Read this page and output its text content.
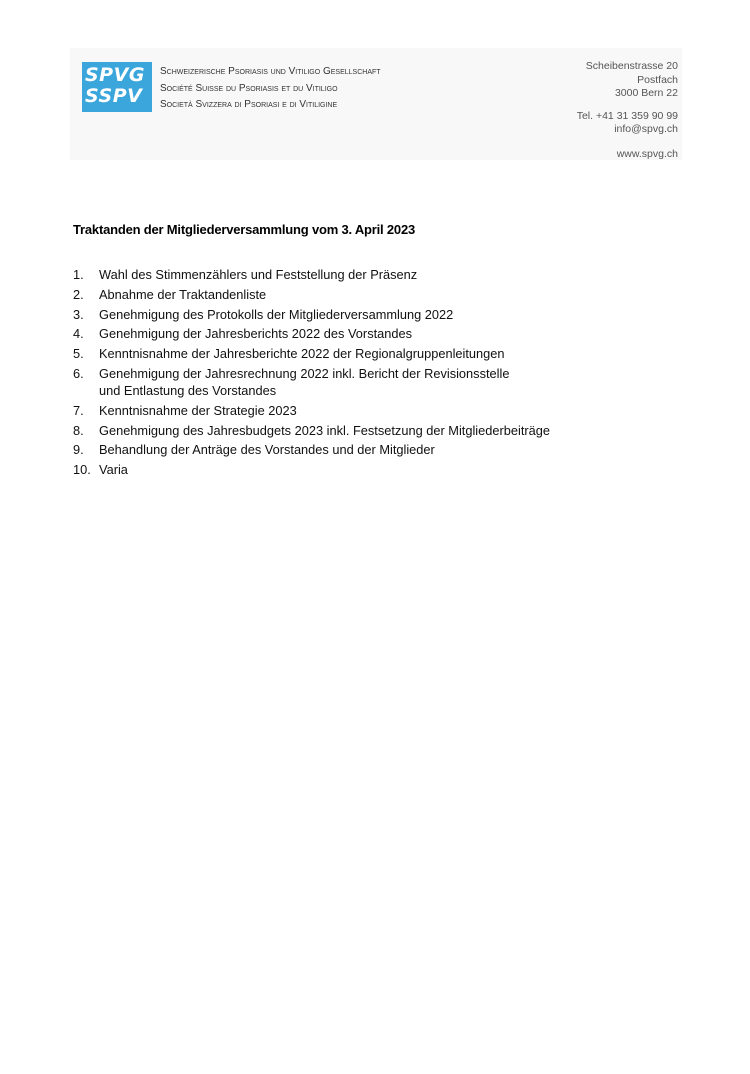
SPVG
SSPV
Schweizerische Psoriasis und Vitiligo Gesellschaft
Société Suisse du Psoriasis et du Vitiligo
Società Svizzera di Psoriasi e di Vitiligine
Scheibenstrasse 20
Postfach
3000 Bern 22
Tel. +41 31 359 90 99
info@spvg.ch
www.spvg.ch
Traktanden der Mitgliederversammlung vom 3. April 2023
1. Wahl des Stimmenzählers und Feststellung der Präsenz
2. Abnahme der Traktandenliste
3. Genehmigung des Protokolls der Mitgliederversammlung 2022
4. Genehmigung der Jahresberichts 2022 des Vorstandes
5. Kenntnisnahme der Jahresberichte 2022 der Regionalgruppenleitungen
6. Genehmigung der Jahresrechnung 2022 inkl. Bericht der Revisionsstelle
und Entlastung des Vorstandes
7. Kenntnisnahme der Strategie 2023
8. Genehmigung des Jahresbudgets 2023 inkl. Festsetzung der Mitgliederbeiträge
9. Behandlung der Anträge des Vorstandes und der Mitglieder
10. Varia
